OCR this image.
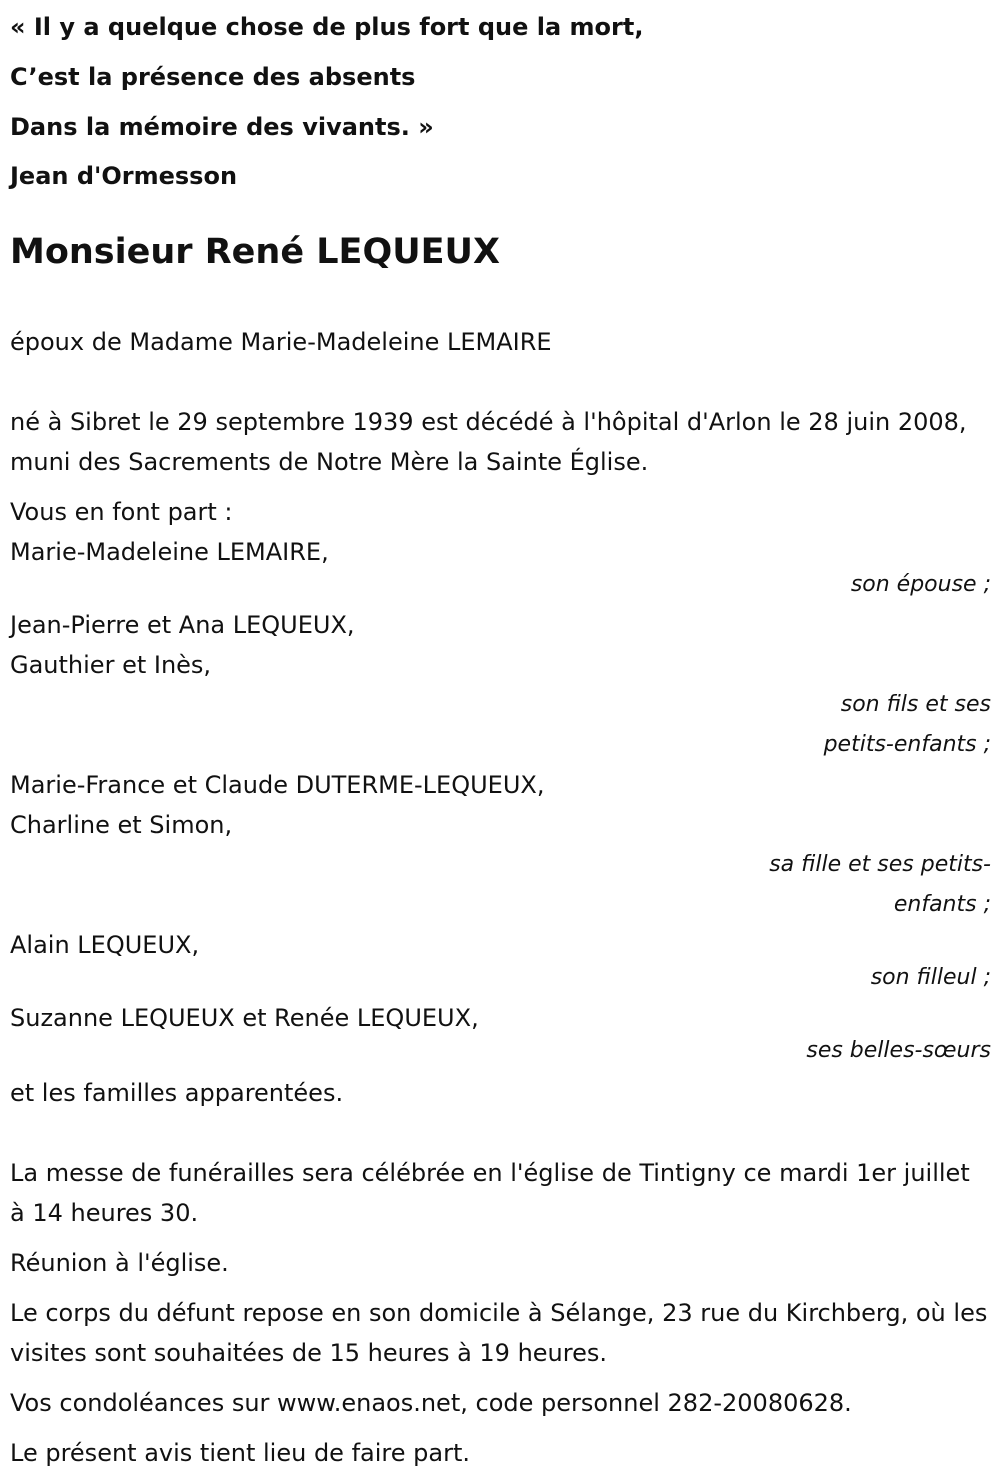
« Il y a quelque chose de plus fort que la mort,

C’est la présence des absents

Dans la mémoire des vivants. »

Jean d'Ormesson

Monsieur René LEQUEUX

époux de Madame Marie-Madeleine LEMAIRE

né à Sibret le 29 septembre 1939 est décédé à l'hôpital d'Arlon le 28 juin 2008, muni des Sacrements de Notre Mère la Sainte Église.

Vous en font part :

Marie-Madeleine LEMAIRE,

son épouse ;

Jean-Pierre et Ana LEQUEUX,

Gauthier et Inès,

son fils et ses petits-enfants ;

Marie-France et Claude DUTERME-LEQUEUX,

Charline et Simon,

sa fille et ses petits-enfants ;

Alain LEQUEUX,

son filleul ;

Suzanne LEQUEUX et Renée LEQUEUX,

ses belles-sœurs

et les familles apparentées.

La messe de funérailles sera célébrée en l'église de Tintigny ce mardi 1er juillet à 14 heures 30.

Réunion à l'église.

Le corps du défunt repose en son domicile à Sélange, 23 rue du Kirchberg, où les visites sont souhaitées de 15 heures à 19 heures.

Vos condoléances sur www.enaos.net, code personnel 282-20080628.

Le présent avis tient lieu de faire part.
